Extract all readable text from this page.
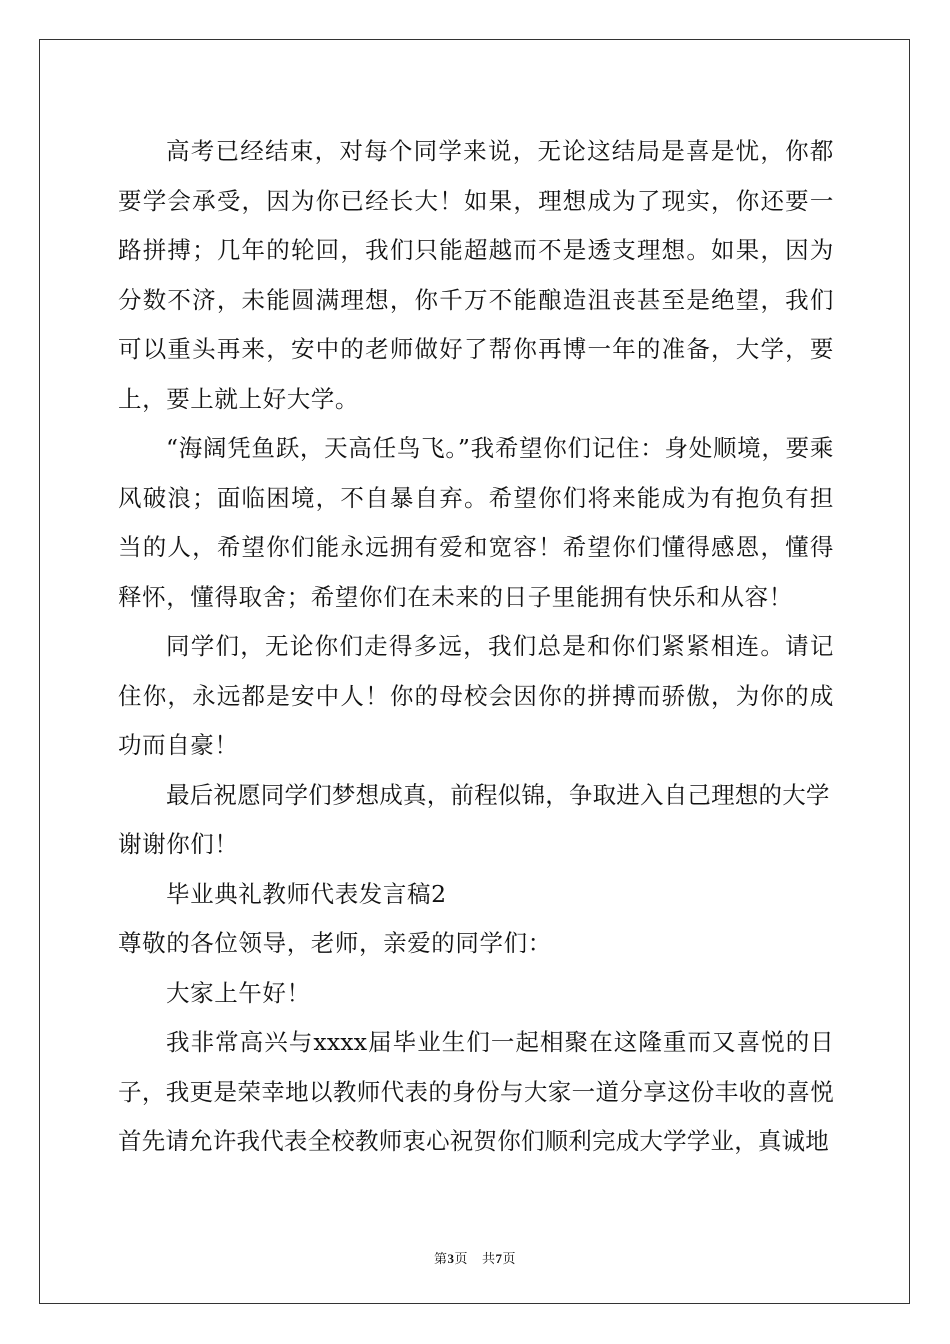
高考已经结束，对每个同学来说，无论这结局是喜是忧，你都要学会承受，因为你已经长大！如果，理想成为了现实，你还要一路拼搏；几年的轮回，我们只能超越而不是透支理想。如果，因为分数不济，未能圆满理想，你千万不能酿造沮丧甚至是绝望，我们可以重头再来，安中的老师做好了帮你再博一年的准备，大学，要上，要上就上好大学。

“海阔凭鱼跃，天高任鸟飞。”我希望你们记住：身处顺境，要乘风破浪；面临困境，不自暴自弃。希望你们将来能成为有抱负有担当的人，希望你们能永远拥有爱和宽容！希望你们懂得感恩，懂得释怀，懂得取舍；希望你们在未来的日子里能拥有快乐和从容！

同学们，无论你们走得多远，我们总是和你们紧紧相连。请记住你，永远都是安中人！你的母校会因你的拼搏而骄傲，为你的成功而自豪！

最后祝愿同学们梦想成真，前程似锦，争取进入自己理想的大学

谢谢你们！

毕业典礼教师代表发言稿2

尊敬的各位领导，老师，亲爱的同学们：

大家上午好！

我非常高兴与xxxx届毕业生们一起相聚在这隆重而又喜悦的日子，我更是荣幸地以教师代表的身份与大家一道分享这份丰收的喜悦首先请允许我代表全校教师衷心祝贺你们顺利完成大学学业，真诚地

第3页 共7页
